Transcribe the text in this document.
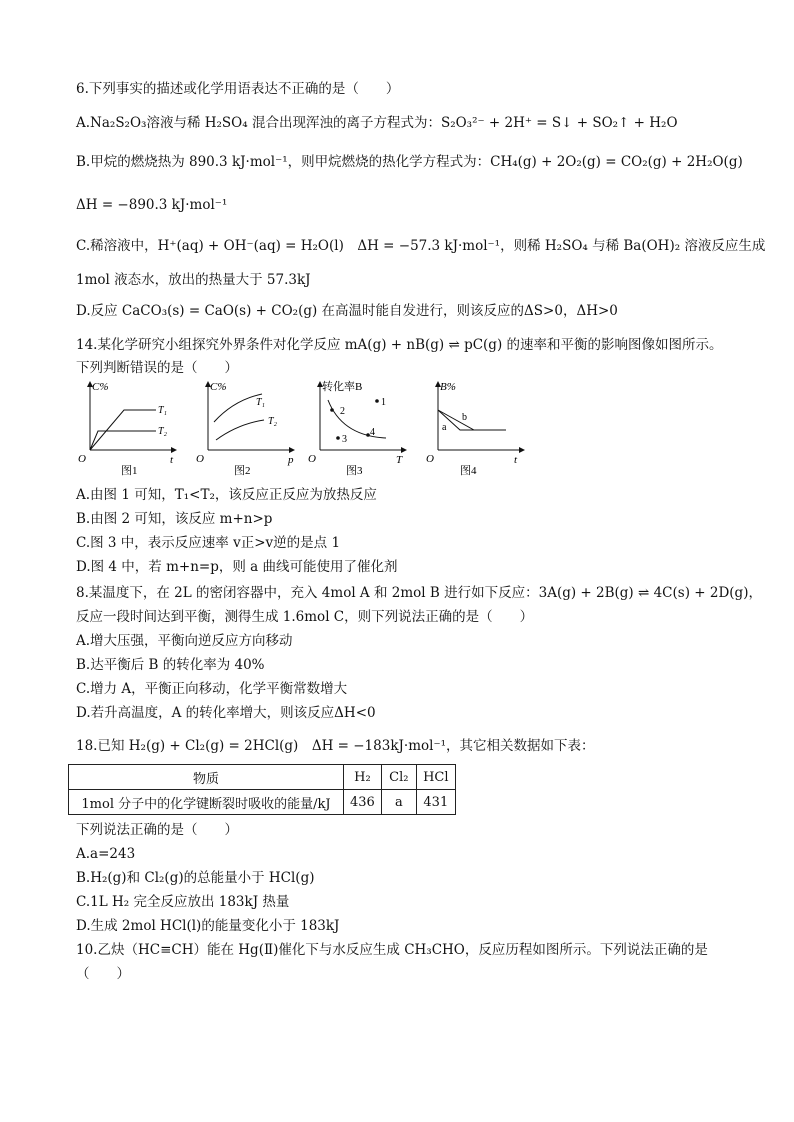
6.下列事实的描述或化学用语表达不正确的是（　　）
A.Na₂S₂O₃溶液与稀 H₂SO₄ 混合出现浑浊的离子方程式为：S₂O₃²⁻ + 2H⁺ = S↓ + SO₂↑ + H₂O
B.甲烷的燃烧热为 890.3 kJ·mol⁻¹，则甲烷燃烧的热化学方程式为：CH₄(g) + 2O₂(g) = CO₂(g) + 2H₂O(g)
ΔH = −890.3 kJ·mol⁻¹
C.稀溶液中，H⁺(aq) + OH⁻(aq) = H₂O(l)　ΔH = −57.3 kJ·mol⁻¹，则稀 H₂SO₄ 与稀 Ba(OH)₂ 溶液反应生成
1mol 液态水，放出的热量大于 57.3kJ
D.反应 CaCO₃(s) = CaO(s) + CO₂(g) 在高温时能自发进行，则该反应的ΔS>0，ΔH>0
14.某化学研究小组探究外界条件对化学反应 mA(g) + nB(g) ⇌ pC(g) 的速率和平衡的影响图像如图所示。
下列判断错误的是（　　）
C%
t
O
T₁
T₂
图1
C%
p
O
T₁
T₂
图2
转化率B
T
O
1
2
3
4
图3
B%
t
O
a
b
图4
A.由图 1 可知，T₁<T₂，该反应正反应为放热反应
B.由图 2 可知，该反应 m+n>p
C.图 3 中，表示反应速率 v正>v逆的是点 1
D.图 4 中，若 m+n=p，则 a 曲线可能使用了催化剂
8.某温度下，在 2L 的密闭容器中，充入 4mol A 和 2mol B 进行如下反应：3A(g) + 2B(g) ⇌ 4C(s) + 2D(g)，
反应一段时间达到平衡，测得生成 1.6mol C，则下列说法正确的是（　　）
A.增大压强，平衡向逆反应方向移动
B.达平衡后 B 的转化率为 40%
C.增力 A，平衡正向移动，化学平衡常数增大
D.若升高温度，A 的转化率增大，则该反应ΔH<0
18.已知 H₂(g) + Cl₂(g) = 2HCl(g)　ΔH = −183kJ·mol⁻¹，其它相关数据如下表：
物质	H₂	Cl₂	HCl
1mol 分子中的化学键断裂时吸收的能量/kJ	436	a	431
下列说法正确的是（　　）
A.a=243
B.H₂(g)和 Cl₂(g)的总能量小于 HCl(g)
C.1L H₂ 完全反应放出 183kJ 热量
D.生成 2mol HCl(l)的能量变化小于 183kJ
10.乙炔（HC≡CH）能在 Hg(Ⅱ)催化下与水反应生成 CH₃CHO，反应历程如图所示。下列说法正确的是
（　　）
